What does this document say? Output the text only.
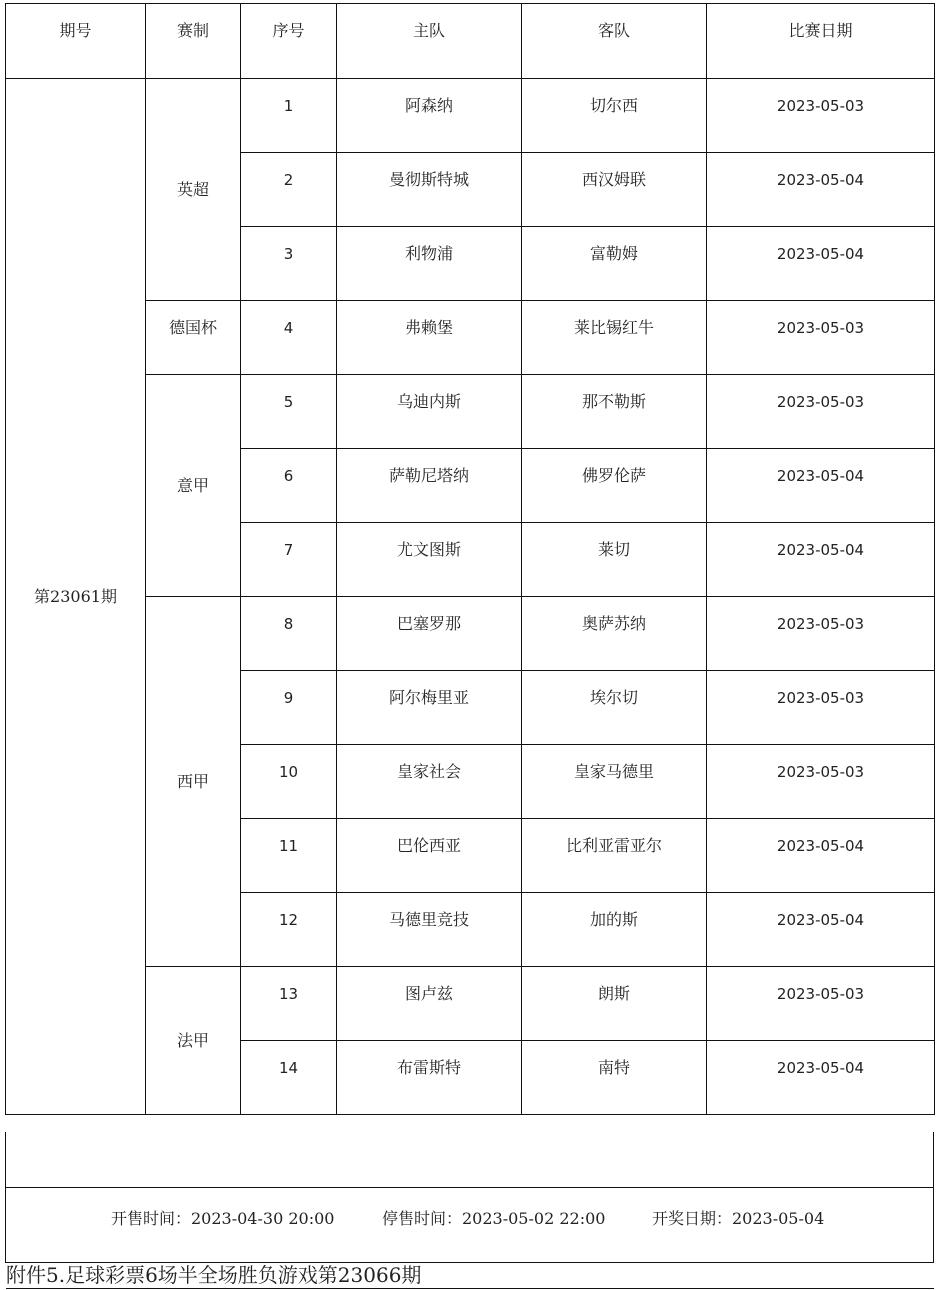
期号	赛制	序号	主队	客队	比赛日期
第23061期	英超	1	阿森纳	切尔西	2023-05-03
		2	曼彻斯特城	西汉姆联	2023-05-04
		3	利物浦	富勒姆	2023-05-04
	德国杯	4	弗赖堡	莱比锡红牛	2023-05-03
	意甲	5	乌迪内斯	那不勒斯	2023-05-03
		6	萨勒尼塔纳	佛罗伦萨	2023-05-04
		7	尤文图斯	莱切	2023-05-04
	西甲	8	巴塞罗那	奥萨苏纳	2023-05-03
		9	阿尔梅里亚	埃尔切	2023-05-03
		10	皇家社会	皇家马德里	2023-05-03
		11	巴伦西亚	比利亚雷亚尔	2023-05-04
		12	马德里竞技	加的斯	2023-05-04
	法甲	13	图卢兹	朗斯	2023-05-03
		14	布雷斯特	南特	2023-05-04
开售时间：2023-04-30 20:00	停售时间：2023-05-02 22:00	开奖日期：2023-05-04
附件5.足球彩票6场半全场胜负游戏第23066期
